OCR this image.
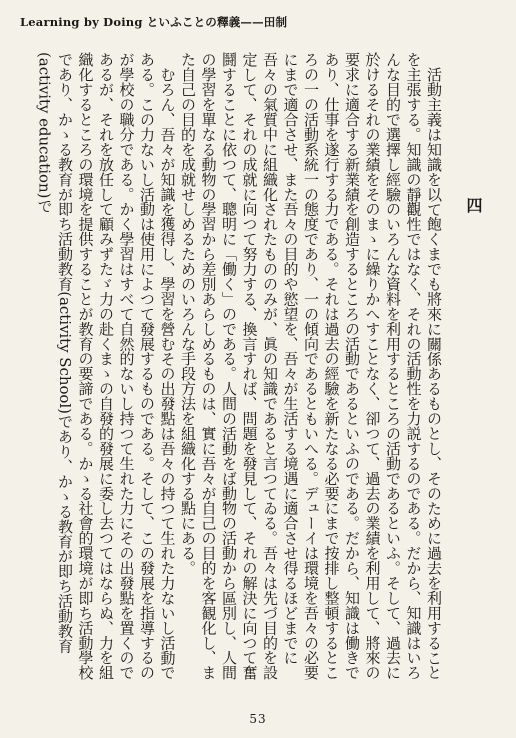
Learning by Doing といふことの釋義——田制
四

活動主義は知識を以て飽くまでも將來に關係あるものとし、そのために過去を利用することを主張する。知識の靜觀性ではなく、それの活動性を力説するのである。だから、知識はいろんな目的で選擇し經驗のいろんな資料を利用するところの活動であるといふ。そして、過去に於けるそれの業績をそのまゝに繰りかへすことなく、卻つて、過去の業績を利用して、將來の要求に適合する新業績を創造するところの活動であるといふのである。だから、知識は働きであり、仕事を遂行する力である。それは過去の經驗を新たなる必要にまで按排し整頓するところの一の活動系統一の態度であり、一の傾向であるともいへる。デューイは環境を吾々の必要にまで適合させ、また吾々の目的や慾望を、吾々が生活する境遇に適合させ得るほどまでに吾々の氣質中に組織化されたもののみが、眞の知識であると言つてゐる。吾々は先づ目的を設定して、それの成就に向つて努力する、換言すれば、問題を發見して、それの解決に向つて奮鬪することに依つて、聰明に「働く」のである。人間の活動をば動物の活動から區別し、人間の學習を單なる動物の學習から差別あらしめるものは、實に吾々が自己の目的を客観化し、また自己の目的を成就せしめるためのいろんな手段方法を組織化する點にある。

むろん、吾々が知識を獲得し、學習を營むその出發點は吾々の持つて生れた力ないし活動である。この力ないし活動は使用によつて發展するものである。そして、この發展を指導するのが學校の職分である。かく學習はすべて自然的ないし持つて生れた力にその出發點を置くのであるが、それを放任して顧みずたゞ力の赴くまゝの自發的發展に委し去つてはならぬ、力を組織化するところの環境を提供することが教育の要諦である。かゝる社會的環境が即ち活動學校であり、かゝる教育が即ち活動教育(activity School)であり、かゝる教育が即ち活動教育(activity education)で

53
